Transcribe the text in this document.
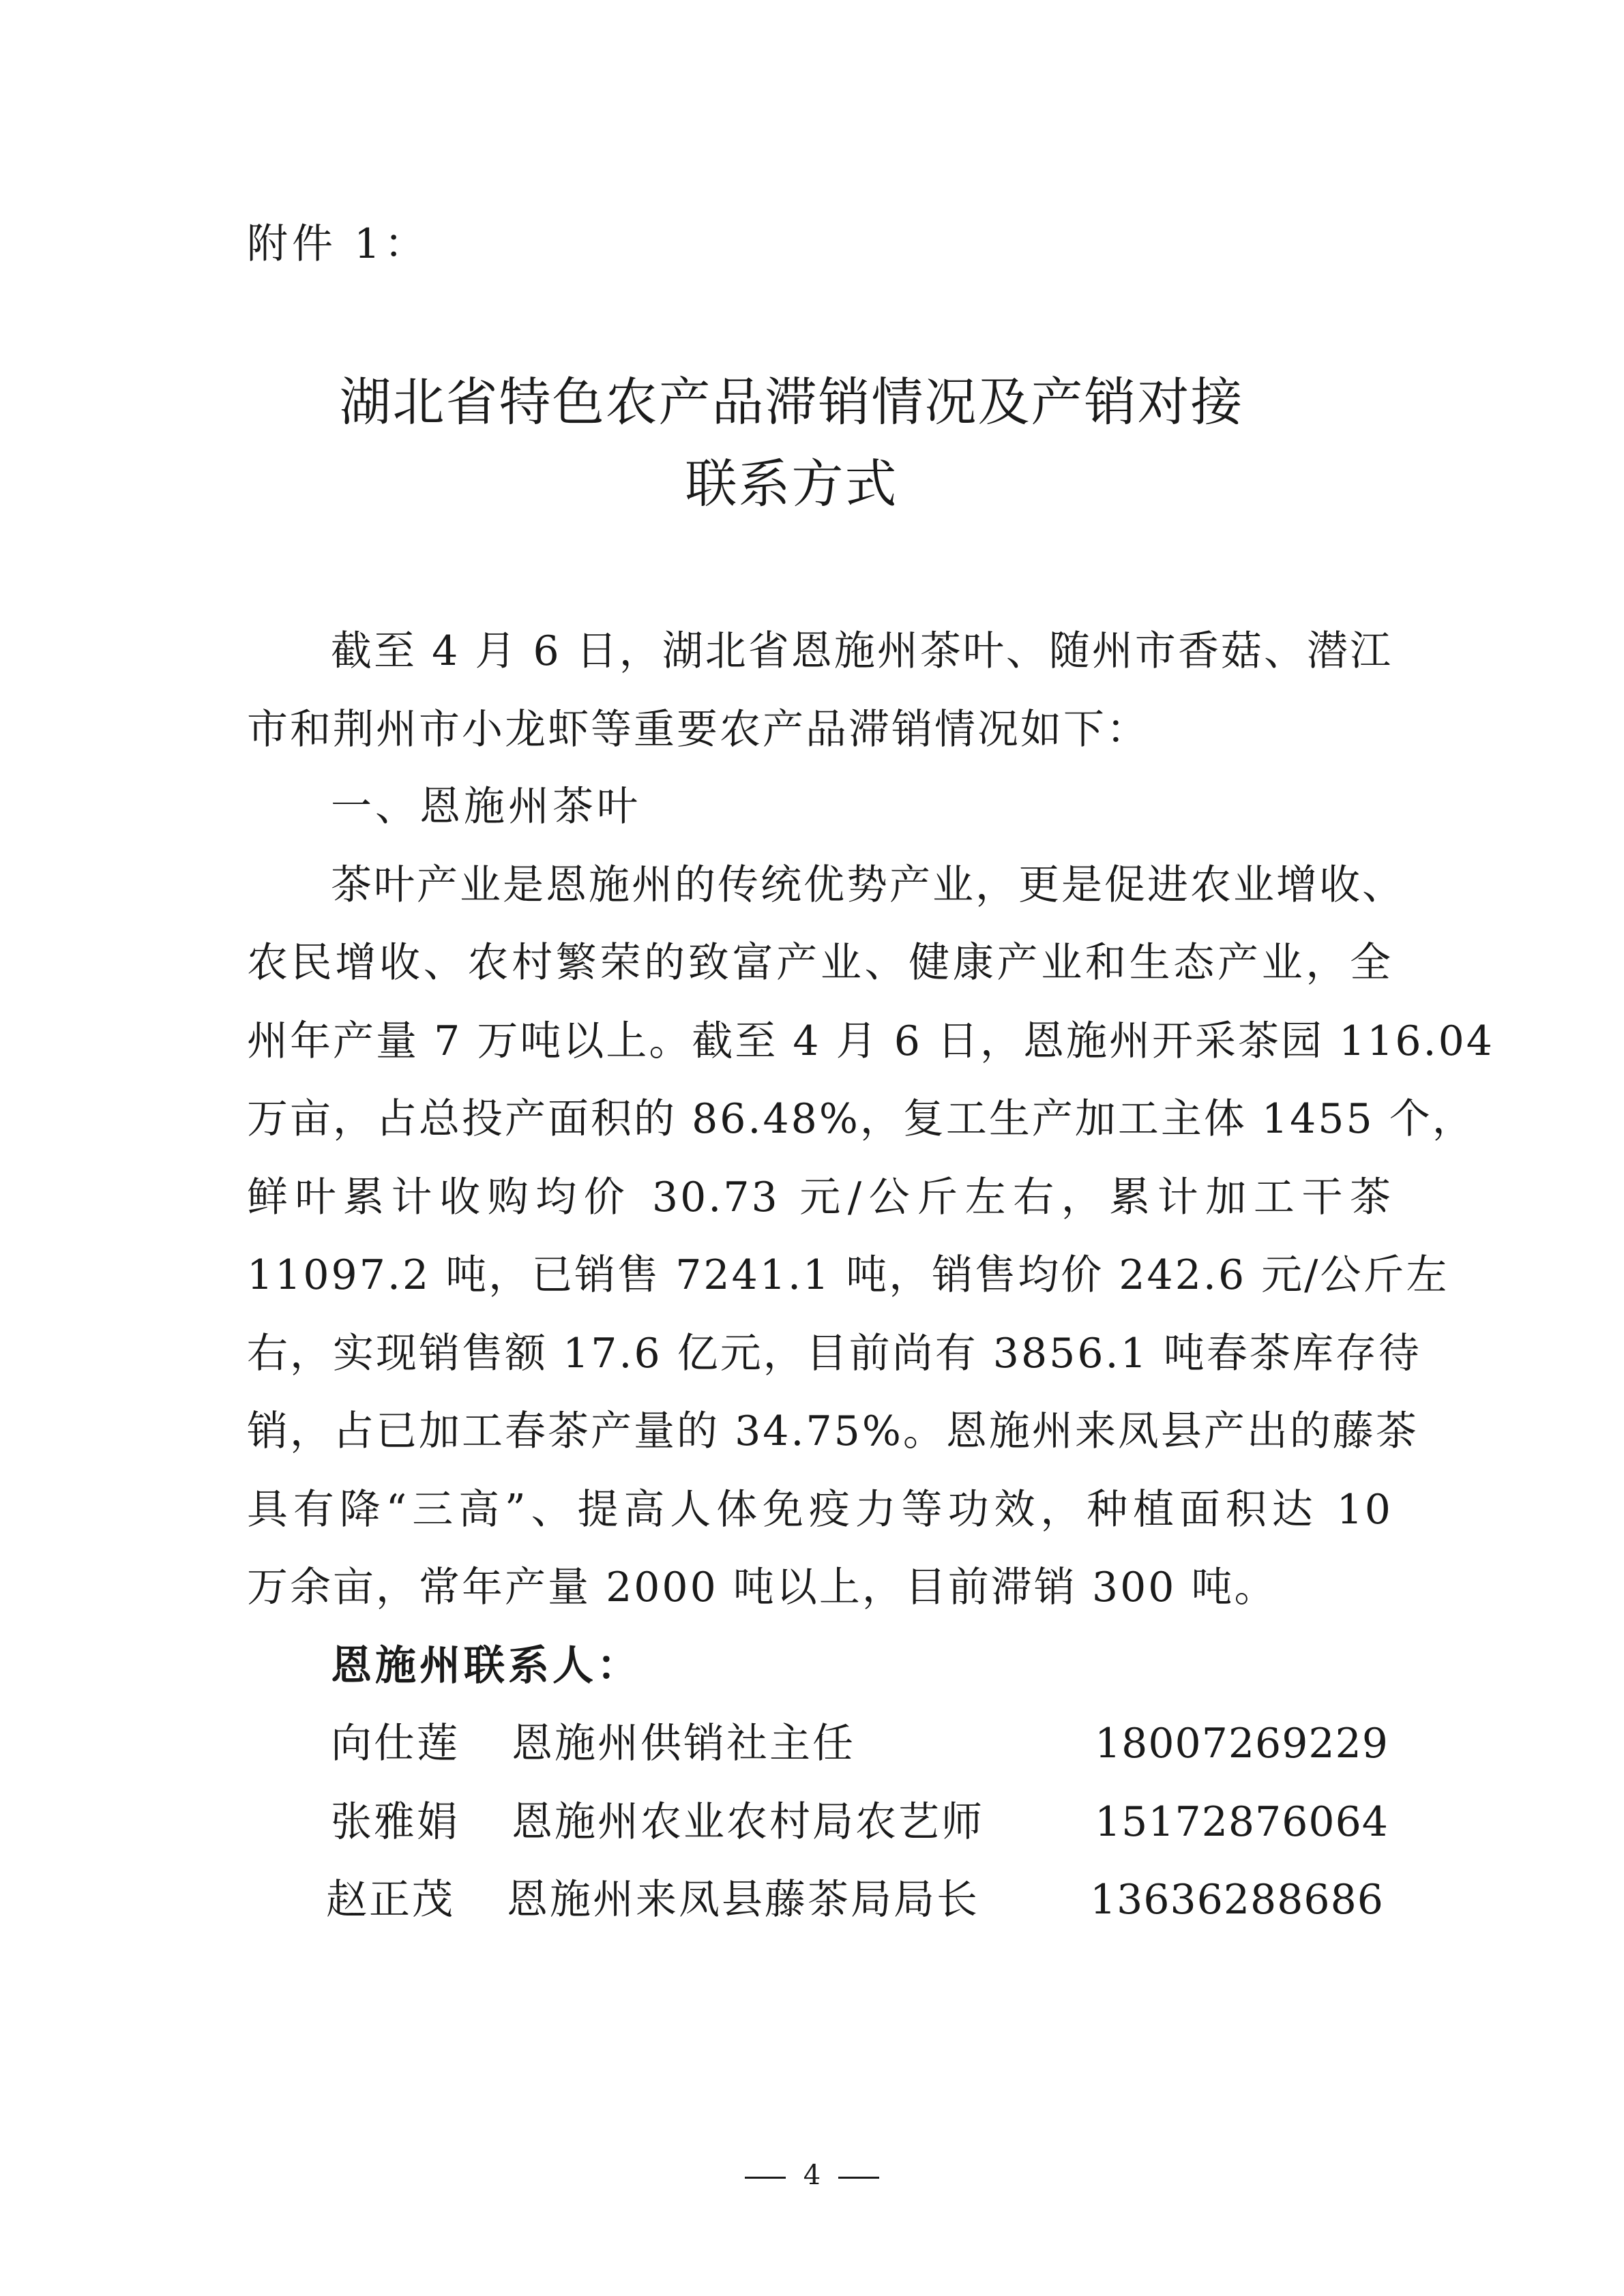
附件 1：
湖北省特色农产品滞销情况及产销对接
联系方式
截至 4 月 6 日，湖北省恩施州茶叶、随州市香菇、潜江
市和荆州市小龙虾等重要农产品滞销情况如下：
一、恩施州茶叶
茶叶产业是恩施州的传统优势产业，更是促进农业增收、
农民增收、农村繁荣的致富产业、健康产业和生态产业，全
州年产量 7 万吨以上。截至 4 月 6 日，恩施州开采茶园 116.04
万亩，占总投产面积的 86.48%，复工生产加工主体 1455 个，
鲜叶累计收购均价 30.73 元/公斤左右，累计加工干茶
11097.2 吨，已销售 7241.1 吨，销售均价 242.6 元/公斤左
右，实现销售额 17.6 亿元，目前尚有 3856.1 吨春茶库存待
销，占已加工春茶产量的 34.75%。恩施州来凤县产出的藤茶
具有降“三高”、提高人体免疫力等功效，种植面积达 10
万余亩，常年产量 2000 吨以上，目前滞销 300 吨。
恩施州联系人：
向仕莲 恩施州供销社主任	18007269229
张雅娟 恩施州农业农村局农艺师	15172876064
赵正茂 恩施州来凤县藤茶局局长	13636288686
4
